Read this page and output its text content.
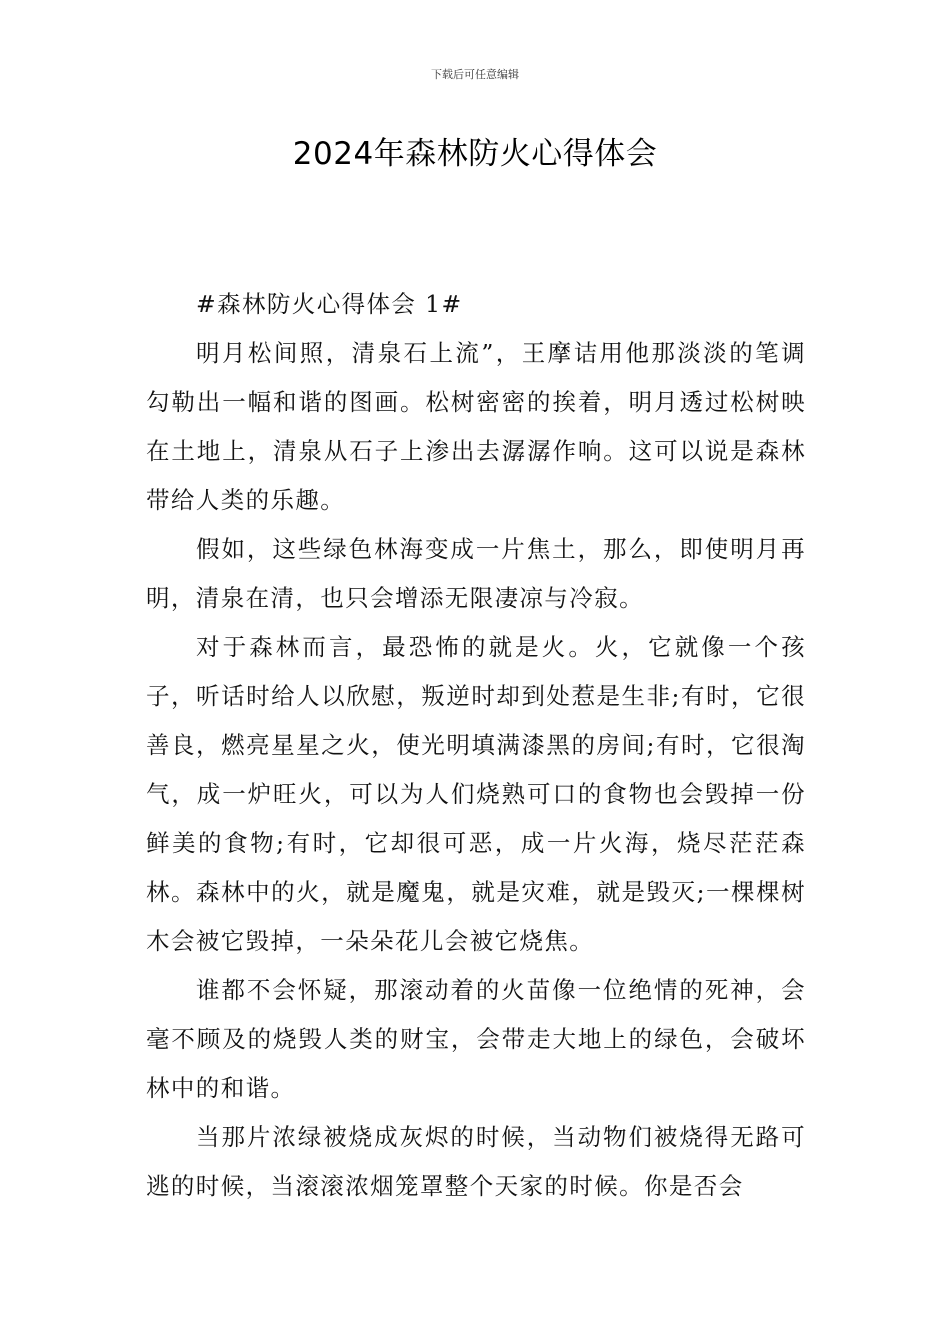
下载后可任意编辑
2024年森林防火心得体会

#森林防火心得体会 1#

明月松间照，清泉石上流”，王摩诘用他那淡淡的笔调勾勒出一幅和谐的图画。松树密密的挨着，明月透过松树映在土地上，清泉从石子上渗出去潺潺作响。这可以说是森林带给人类的乐趣。

假如，这些绿色林海变成一片焦土，那么，即使明月再明，清泉在清，也只会增添无限凄凉与冷寂。

对于森林而言，最恐怖的就是火。火，它就像一个孩子，听话时给人以欣慰，叛逆时却到处惹是生非;有时，它很善良，燃亮星星之火，使光明填满漆黑的房间;有时，它很淘气，成一炉旺火，可以为人们烧熟可口的食物也会毁掉一份鲜美的食物;有时，它却很可恶，成一片火海，烧尽茫茫森林。森林中的火，就是魔鬼，就是灾难，就是毁灭;一棵棵树木会被它毁掉，一朵朵花儿会被它烧焦。

谁都不会怀疑，那滚动着的火苗像一位绝情的死神，会毫不顾及的烧毁人类的财宝，会带走大地上的绿色，会破坏林中的和谐。

当那片浓绿被烧成灰烬的时候，当动物们被烧得无路可逃的时候，当滚滚浓烟笼罩整个天家的时候。你是否会
